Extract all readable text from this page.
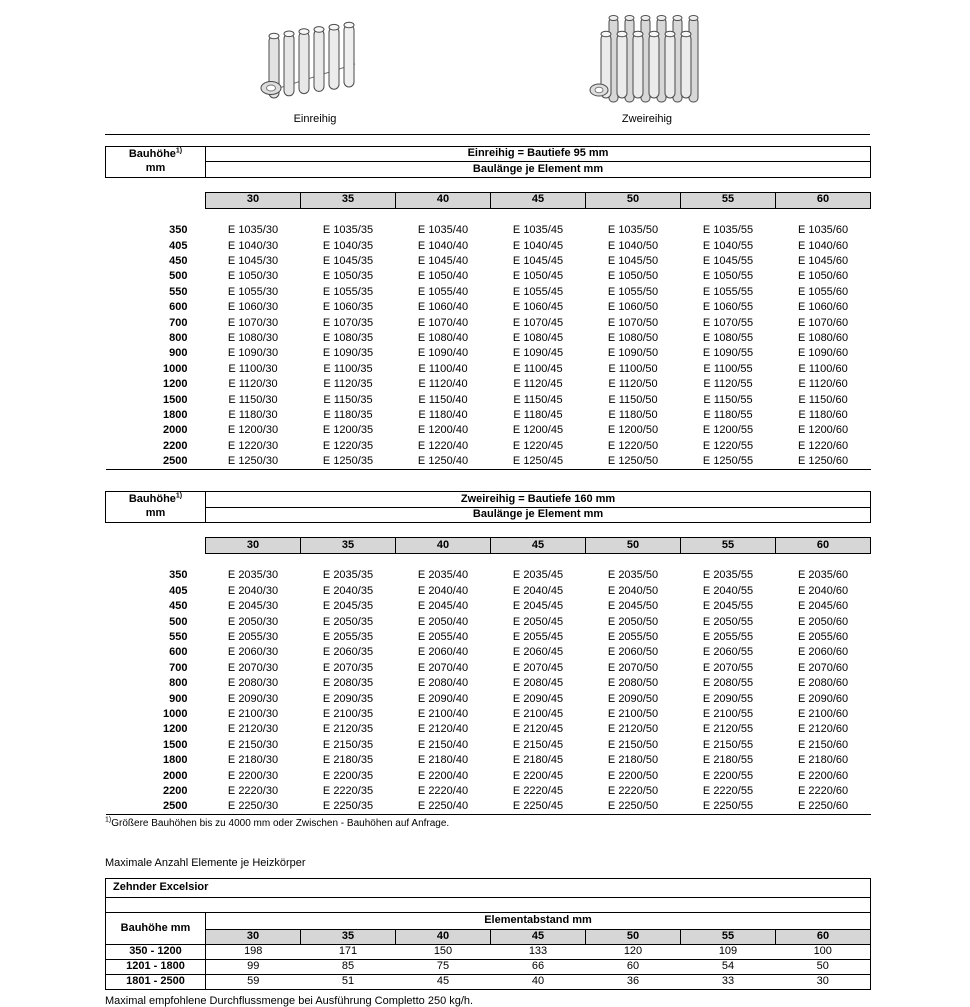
Einreihig	Zweireihig
Bauhöhe$^{1)}$
mm	Einreihig = Bautiefe 95 mm						
	Baulänge je Element mm						

	30	35	40	45	50	55	60

350	E 1035/30	E 1035/35	E 1035/40	E 1035/45	E 1035/50	E 1035/55	E 1035/60
405	E 1040/30	E 1040/35	E 1040/40	E 1040/45	E 1040/50	E 1040/55	E 1040/60
450	E 1045/30	E 1045/35	E 1045/40	E 1045/45	E 1045/50	E 1045/55	E 1045/60
500	E 1050/30	E 1050/35	E 1050/40	E 1050/45	E 1050/50	E 1050/55	E 1050/60
550	E 1055/30	E 1055/35	E 1055/40	E 1055/45	E 1055/50	E 1055/55	E 1055/60
600	E 1060/30	E 1060/35	E 1060/40	E 1060/45	E 1060/50	E 1060/55	E 1060/60
700	E 1070/30	E 1070/35	E 1070/40	E 1070/45	E 1070/50	E 1070/55	E 1070/60
800	E 1080/30	E 1080/35	E 1080/40	E 1080/45	E 1080/50	E 1080/55	E 1080/60
900	E 1090/30	E 1090/35	E 1090/40	E 1090/45	E 1090/50	E 1090/55	E 1090/60
1000	E 1100/30	E 1100/35	E 1100/40	E 1100/45	E 1100/50	E 1100/55	E 1100/60
1200	E 1120/30	E 1120/35	E 1120/40	E 1120/45	E 1120/50	E 1120/55	E 1120/60
1500	E 1150/30	E 1150/35	E 1150/40	E 1150/45	E 1150/50	E 1150/55	E 1150/60
1800	E 1180/30	E 1180/35	E 1180/40	E 1180/45	E 1180/50	E 1180/55	E 1180/60
2000	E 1200/30	E 1200/35	E 1200/40	E 1200/45	E 1200/50	E 1200/55	E 1200/60
2200	E 1220/30	E 1220/35	E 1220/40	E 1220/45	E 1220/50	E 1220/55	E 1220/60
2500	E 1250/30	E 1250/35	E 1250/40	E 1250/45	E 1250/50	E 1250/55	E 1250/60
Bauhöhe$^{1)}$
mm	Zweireihig = Bautiefe 160 mm						
	Baulänge je Element mm						

	30	35	40	45	50	55	60

350	E 2035/30	E 2035/35	E 2035/40	E 2035/45	E 2035/50	E 2035/55	E 2035/60
405	E 2040/30	E 2040/35	E 2040/40	E 2040/45	E 2040/50	E 2040/55	E 2040/60
450	E 2045/30	E 2045/35	E 2045/40	E 2045/45	E 2045/50	E 2045/55	E 2045/60
500	E 2050/30	E 2050/35	E 2050/40	E 2050/45	E 2050/50	E 2050/55	E 2050/60
550	E 2055/30	E 2055/35	E 2055/40	E 2055/45	E 2055/50	E 2055/55	E 2055/60
600	E 2060/30	E 2060/35	E 2060/40	E 2060/45	E 2060/50	E 2060/55	E 2060/60
700	E 2070/30	E 2070/35	E 2070/40	E 2070/45	E 2070/50	E 2070/55	E 2070/60
800	E 2080/30	E 2080/35	E 2080/40	E 2080/45	E 2080/50	E 2080/55	E 2080/60
900	E 2090/30	E 2090/35	E 2090/40	E 2090/45	E 2090/50	E 2090/55	E 2090/60
1000	E 2100/30	E 2100/35	E 2100/40	E 2100/45	E 2100/50	E 2100/55	E 2100/60
1200	E 2120/30	E 2120/35	E 2120/40	E 2120/45	E 2120/50	E 2120/55	E 2120/60
1500	E 2150/30	E 2150/35	E 2150/40	E 2150/45	E 2150/50	E 2150/55	E 2150/60
1800	E 2180/30	E 2180/35	E 2180/40	E 2180/45	E 2180/50	E 2180/55	E 2180/60
2000	E 2200/30	E 2200/35	E 2200/40	E 2200/45	E 2200/50	E 2200/55	E 2200/60
2200	E 2220/30	E 2220/35	E 2220/40	E 2220/45	E 2220/50	E 2220/55	E 2220/60
2500	E 2250/30	E 2250/35	E 2250/40	E 2250/45	E 2250/50	E 2250/55	E 2250/60
$^{1)}$Größere Bauhöhen bis zu 4000 mm oder Zwischen - Bauhöhen auf Anfrage.
Maximale Anzahl Elemente je Heizkörper
Zehnder Excelsior							

Bauhöhe mm	Elementabstand mm						
	30	35	40	45	50	55	60
350 - 1200	198	171	150	133	120	109	100
1201 - 1800	99	85	75	66	60	54	50
1801 - 2500	59	51	45	40	36	33	30
Maximal empfohlene Durchflussmenge bei Ausführung Completto 250 kg/h.
